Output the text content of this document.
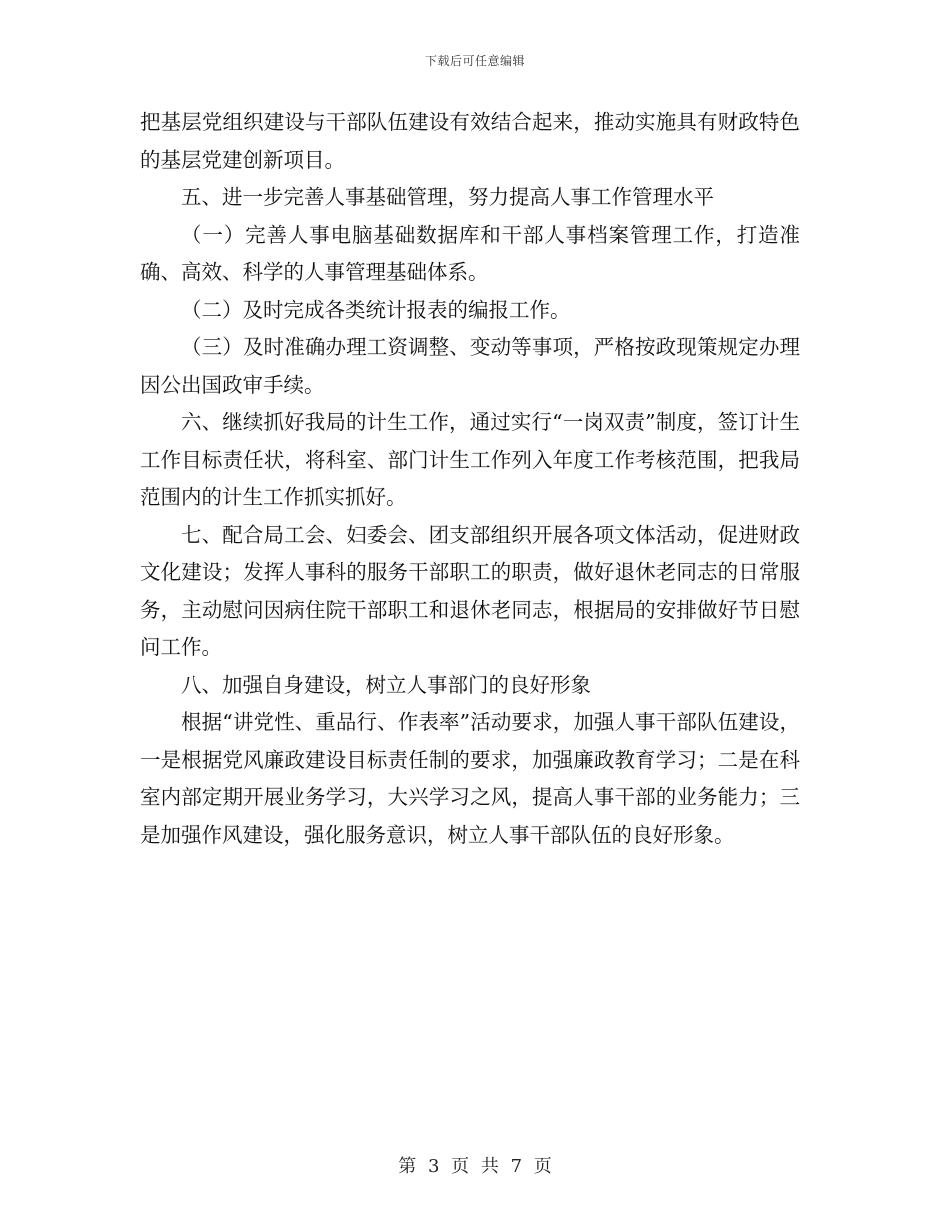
下载后可任意编辑

把基层党组织建设与干部队伍建设有效结合起来，推动实施具有财政特色的基层党建创新项目。

五、进一步完善人事基础管理，努力提高人事工作管理水平

（一）完善人事电脑基础数据库和干部人事档案管理工作，打造准确、高效、科学的人事管理基础体系。

（二）及时完成各类统计报表的编报工作。

（三）及时准确办理工资调整、变动等事项，严格按政现策规定办理因公出国政审手续。

六、继续抓好我局的计生工作，通过实行“一岗双责”制度，签订计生工作目标责任状，将科室、部门计生工作列入年度工作考核范围，把我局范围内的计生工作抓实抓好。

七、配合局工会、妇委会、团支部组织开展各项文体活动，促进财政文化建设；发挥人事科的服务干部职工的职责，做好退休老同志的日常服务，主动慰问因病住院干部职工和退休老同志，根据局的安排做好节日慰问工作。

八、加强自身建设，树立人事部门的良好形象

根据“讲党性、重品行、作表率”活动要求，加强人事干部队伍建设，一是根据党风廉政建设目标责任制的要求，加强廉政教育学习；二是在科室内部定期开展业务学习，大兴学习之风，提高人事干部的业务能力；三是加强作风建设，强化服务意识，树立人事干部队伍的良好形象。

第 3 页 共 7 页
